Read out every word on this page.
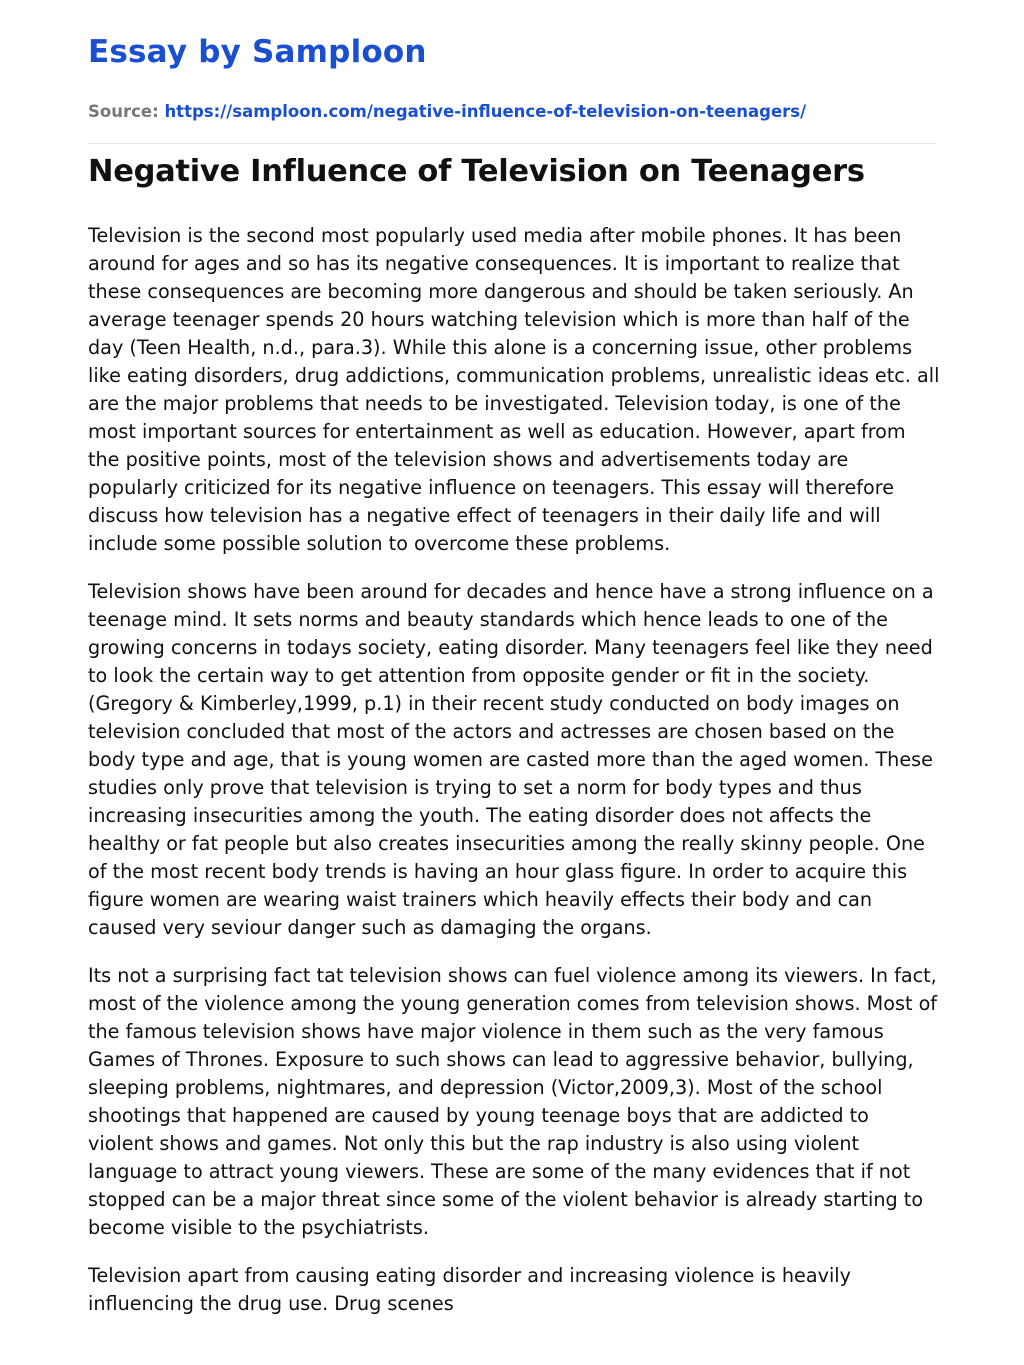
Essay by Samploon
Source: https://samploon.com/negative-influence-of-television-on-teenagers/
Negative Influence of Television on Teenagers

Television is the second most popularly used media after mobile phones. It has been around for ages and so has its negative consequences. It is important to realize that these consequences are becoming more dangerous and should be taken seriously. An average teenager spends 20 hours watching television which is more than half of the day (Teen Health, n.d., para.3). While this alone is a concerning issue, other problems like eating disorders, drug addictions, communication problems, unrealistic ideas etc. all are the major problems that needs to be investigated. Television today, is one of the most important sources for entertainment as well as education. However, apart from the positive points, most of the television shows and advertisements today are popularly criticized for its negative influence on teenagers. This essay will therefore discuss how television has a negative effect of teenagers in their daily life and will include some possible solution to overcome these problems.

Television shows have been around for decades and hence have a strong influence on a teenage mind. It sets norms and beauty standards which hence leads to one of the growing concerns in todays society, eating disorder. Many teenagers feel like they need to look the certain way to get attention from opposite gender or fit in the society. (Gregory & Kimberley,1999, p.1) in their recent study conducted on body images on television concluded that most of the actors and actresses are chosen based on the body type and age, that is young women are casted more than the aged women. These studies only prove that television is trying to set a norm for body types and thus increasing insecurities among the youth. The eating disorder does not affects the healthy or fat people but also creates insecurities among the really skinny people. One of the most recent body trends is having an hour glass figure. In order to acquire this figure women are wearing waist trainers which heavily effects their body and can caused very seviour danger such as damaging the organs.

Its not a surprising fact tat television shows can fuel violence among its viewers. In fact, most of the violence among the young generation comes from television shows. Most of the famous television shows have major violence in them such as the very famous Games of Thrones. Exposure to such shows can lead to aggressive behavior, bullying, sleeping problems, nightmares, and depression (Victor,2009,3). Most of the school shootings that happened are caused by young teenage boys that are addicted to violent shows and games. Not only this but the rap industry is also using violent language to attract young viewers. These are some of the many evidences that if not stopped can be a major threat since some of the violent behavior is already starting to become visible to the psychiatrists.

Television apart from causing eating disorder and increasing violence is heavily influencing the drug use. Drug scenes
